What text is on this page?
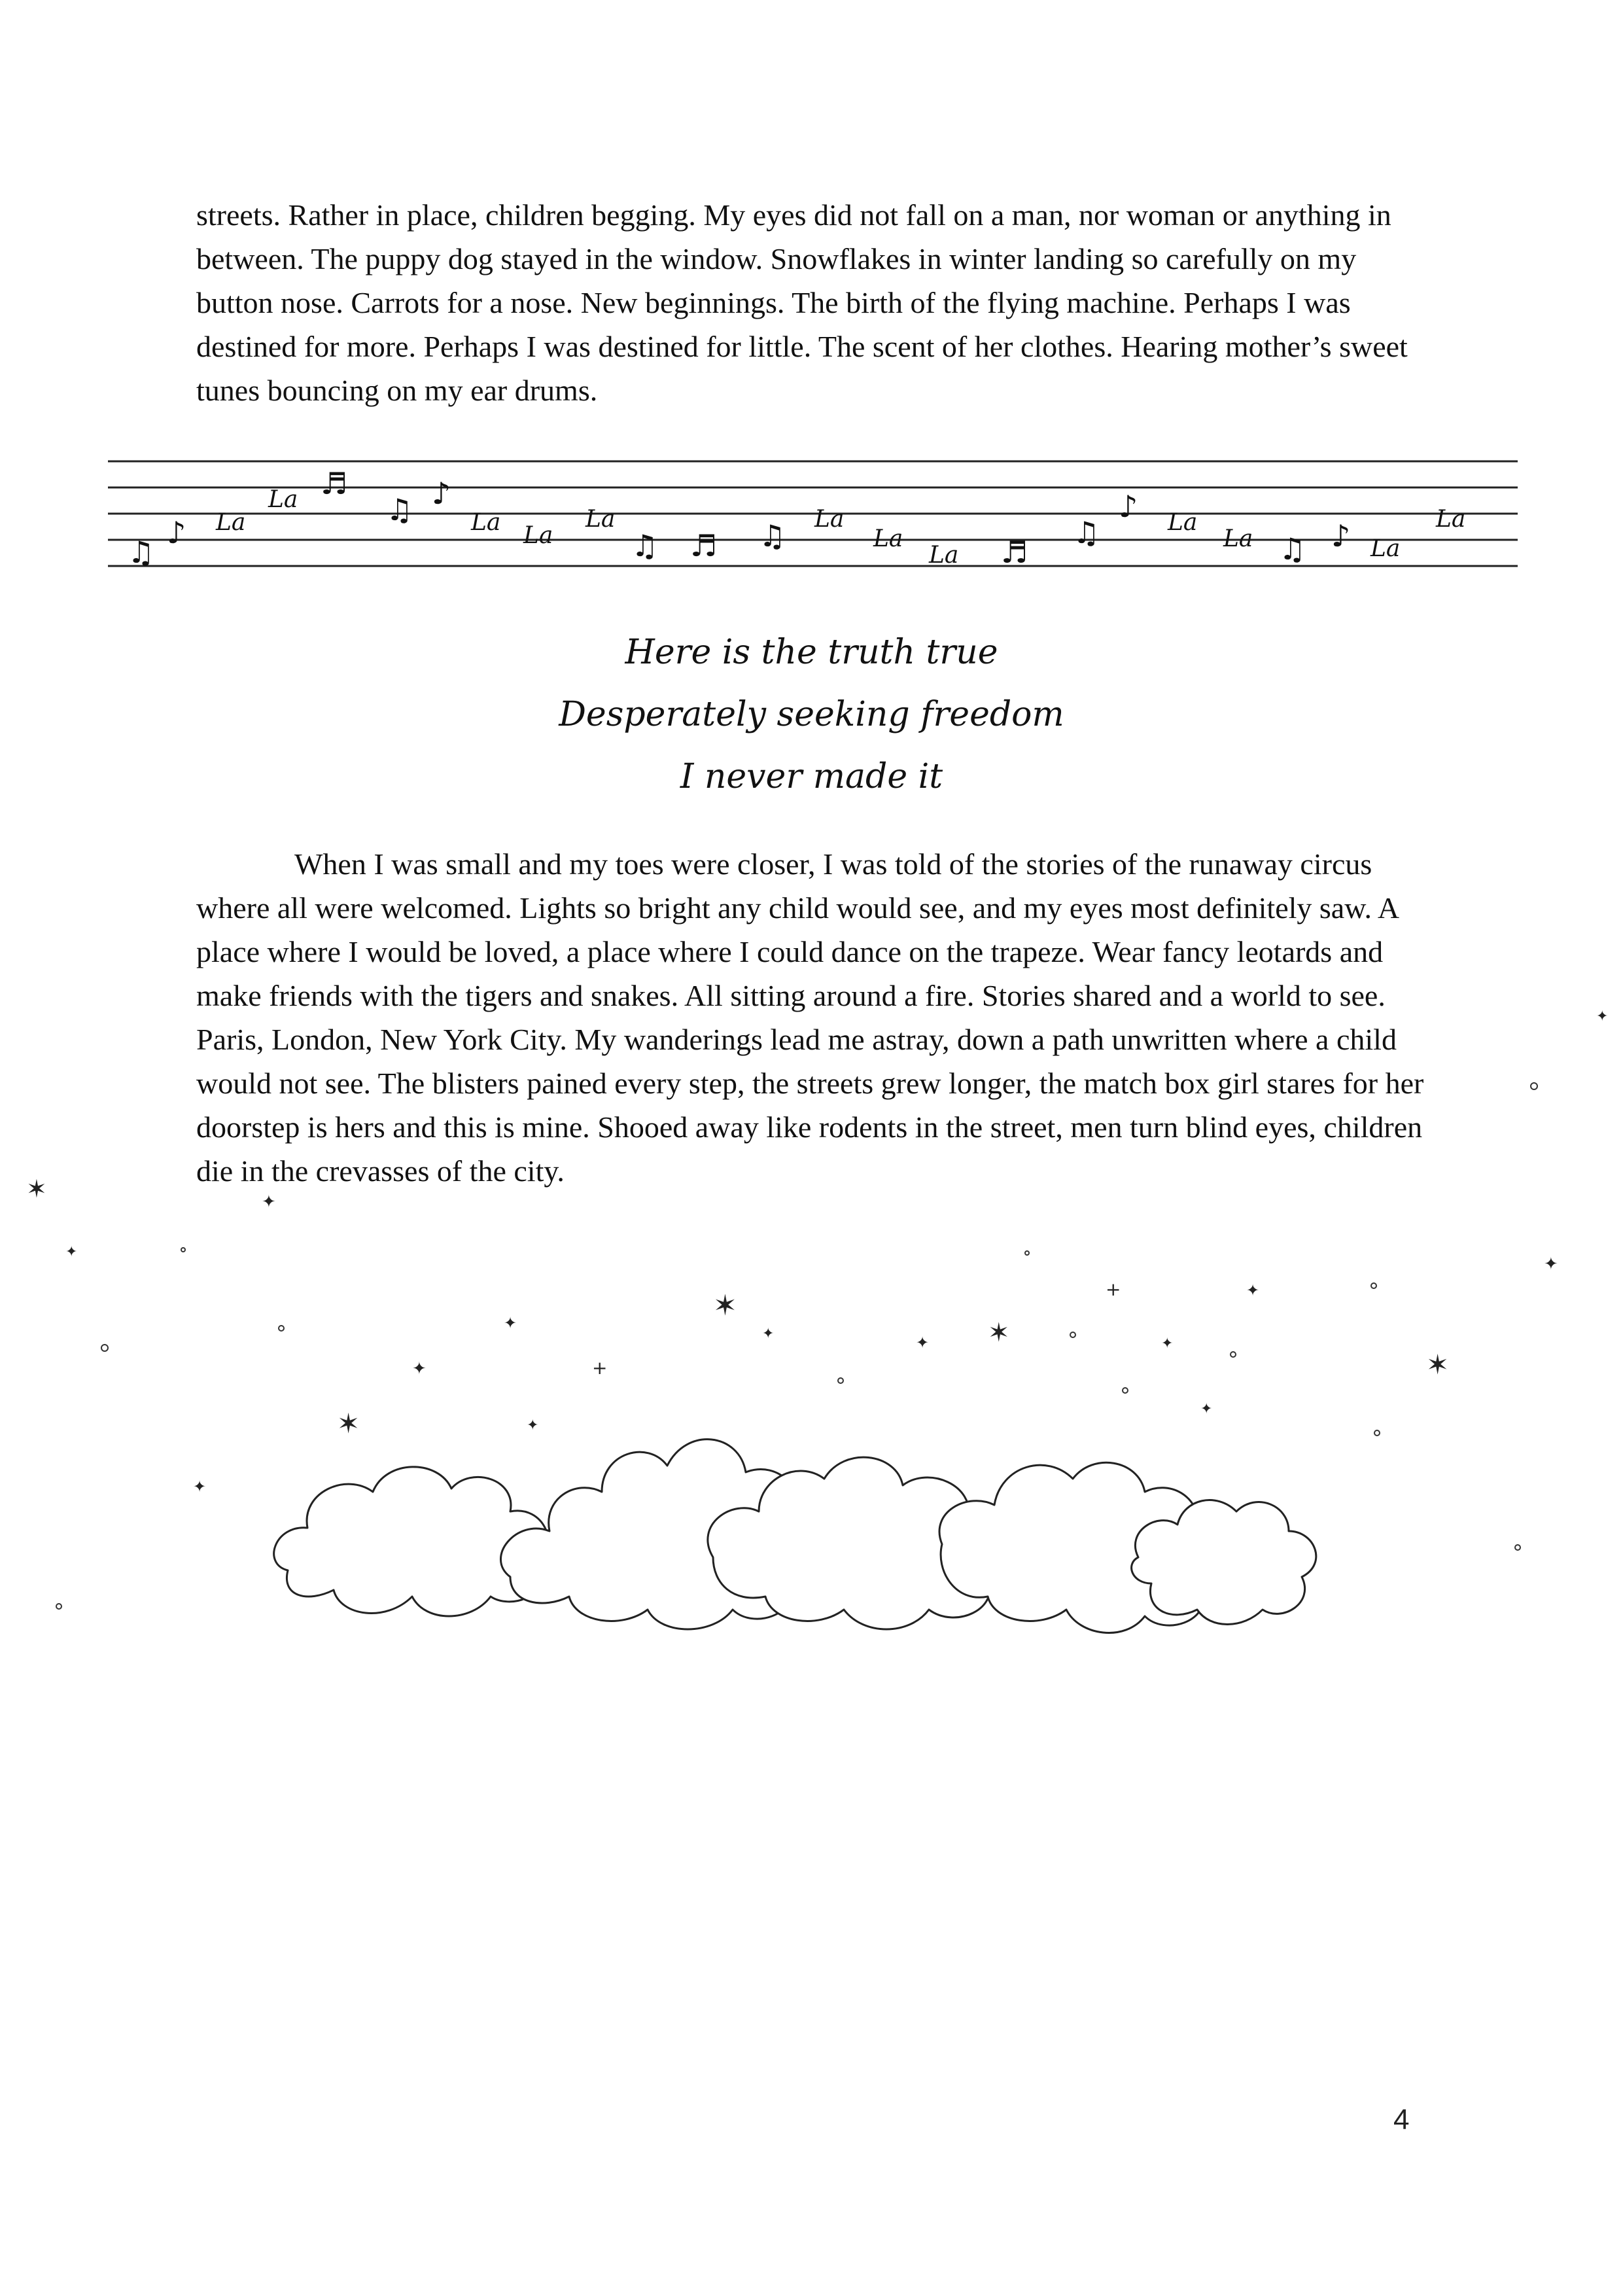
streets. Rather in place, children begging. My eyes did not fall on a man, nor woman or anything in between. The puppy dog stayed in the window. Snowflakes in winter landing so carefully on my button nose. Carrots for a nose. New beginnings. The birth of the flying machine. Perhaps I was destined for more. Perhaps I was destined for little. The scent of her clothes. Hearing mother’s sweet tunes bouncing on my ear drums.

♫
♪
♬
♫ ♪
♫ ♬ ♫	♬
♫
♪
♫ ♪
La
La
La La
La	La
La
La
La
La	La
La
Here is the truth true
Desperately seeking freedom
I never made it

When I was small and my toes were closer, I was told of the stories of the runaway circus where all were welcomed. Lights so bright any child would see, and my eyes most definitely saw. A place where I would be loved, a place where I could dance on the trapeze. Wear fancy leotards and make friends with the tigers and snakes. All sitting around a fire. Stories shared and a world to see. Paris, London, New York City. My wanderings lead me astray, down a path unwritten where a child would not see. The blisters pained every step, the streets grew longer, the match box girl stares for her doorstep is hers and this is mine. Shooed away like rodents in the street, men turn blind eyes, children die in the crevasses of the city.

✶
✶
✶
✶
✶
✦
✦
✦	✦	✦
✦
✦
✦
✦
✦
✦
✦
✦
+
+
4
